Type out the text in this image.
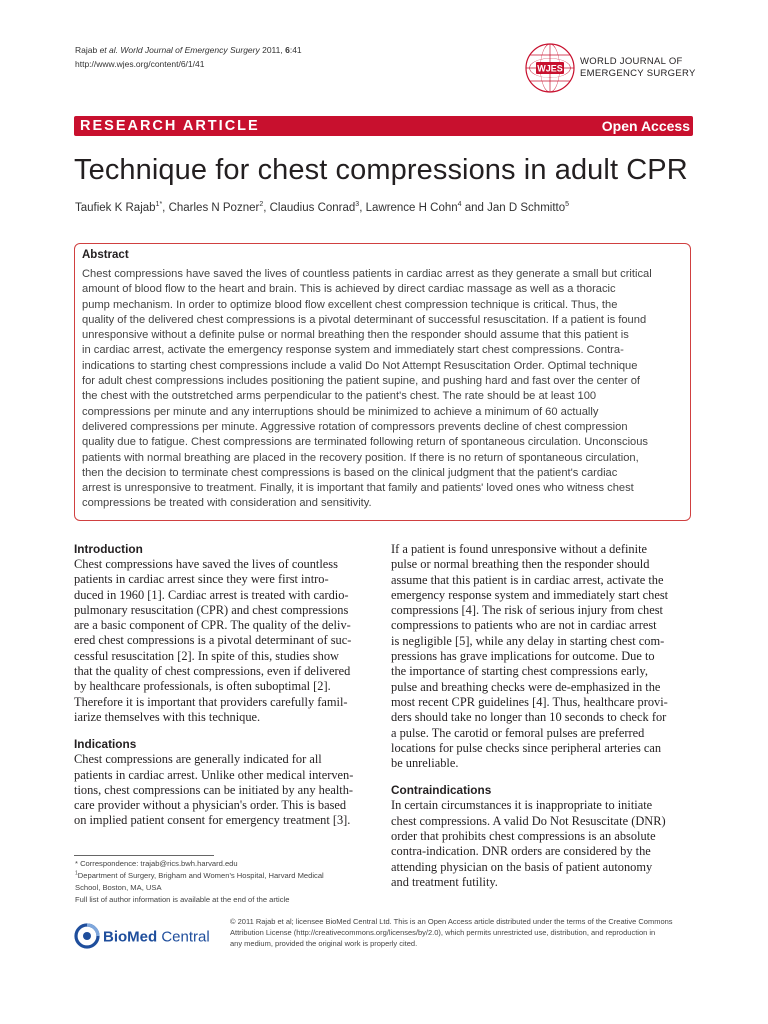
Rajab et al. World Journal of Emergency Surgery 2011, 6:41
http://www.wjes.org/content/6/1/41	WJES
WORLD JOURNAL OF
EMERGENCY SURGERY
RESEARCH ARTICLE	Open Access
Technique for chest compressions in adult CPR
Taufiek K Rajab$^{1*}$, Charles N Pozner$^2$, Claudius Conrad$^3$, Lawrence H Cohn$^4$ and Jan D Schmitto$^5$
Abstract
Chest compressions have saved the lives of countless patients in cardiac arrest as they generate a small but critical
amount of blood flow to the heart and brain. This is achieved by direct cardiac massage as well as a thoracic
pump mechanism. In order to optimize blood flow excellent chest compression technique is critical. Thus, the
quality of the delivered chest compressions is a pivotal determinant of successful resuscitation. If a patient is found
unresponsive without a definite pulse or normal breathing then the responder should assume that this patient is
in cardiac arrest, activate the emergency response system and immediately start chest compressions. Contra-
indications to starting chest compressions include a valid Do Not Attempt Resuscitation Order. Optimal technique
for adult chest compressions includes positioning the patient supine, and pushing hard and fast over the center of
the chest with the outstretched arms perpendicular to the patient's chest. The rate should be at least 100
compressions per minute and any interruptions should be minimized to achieve a minimum of 60 actually
delivered compressions per minute. Aggressive rotation of compressors prevents decline of chest compression
quality due to fatigue. Chest compressions are terminated following return of spontaneous circulation. Unconscious
patients with normal breathing are placed in the recovery position. If there is no return of spontaneous circulation,
then the decision to terminate chest compressions is based on the clinical judgment that the patient's cardiac
arrest is unresponsive to treatment. Finally, it is important that family and patients' loved ones who witness chest
compressions be treated with consideration and sensitivity.
Introduction
Chest compressions have saved the lives of countless
patients in cardiac arrest since they were first intro-
duced in 1960 [1]. Cardiac arrest is treated with cardio-
pulmonary resuscitation (CPR) and chest compressions
are a basic component of CPR. The quality of the deliv-
ered chest compressions is a pivotal determinant of suc-
cessful resuscitation [2]. In spite of this, studies show
that the quality of chest compressions, even if delivered
by healthcare professionals, is often suboptimal [2].
Therefore it is important that providers carefully famil-
iarize themselves with this technique.
Indications
Chest compressions are generally indicated for all
patients in cardiac arrest. Unlike other medical interven-
tions, chest compressions can be initiated by any health-
care provider without a physician's order. This is based
on implied patient consent for emergency treatment [3].
If a patient is found unresponsive without a definite
pulse or normal breathing then the responder should
assume that this patient is in cardiac arrest, activate the
emergency response system and immediately start chest
compressions [4]. The risk of serious injury from chest
compressions to patients who are not in cardiac arrest
is negligible [5], while any delay in starting chest com-
pressions has grave implications for outcome. Due to
the importance of starting chest compressions early,
pulse and breathing checks were de-emphasized in the
most recent CPR guidelines [4]. Thus, healthcare provi-
ders should take no longer than 10 seconds to check for
a pulse. The carotid or femoral pulses are preferred
locations for pulse checks since peripheral arteries can
be unreliable.
Contraindications
In certain circumstances it is inappropriate to initiate
chest compressions. A valid Do Not Resuscitate (DNR)
order that prohibits chest compressions is an absolute
contra-indication. DNR orders are considered by the
attending physician on the basis of patient autonomy
and treatment futility.
* Correspondence: trajab@rics.bwh.harvard.edu
$^1$Department of Surgery, Brigham and Women's Hospital, Harvard Medical
School, Boston, MA, USA
Full list of author information is available at the end of the article
BioMed Central
© 2011 Rajab et al; licensee BioMed Central Ltd. This is an Open Access article distributed under the terms of the Creative Commons
Attribution License (http://creativecommons.org/licenses/by/2.0), which permits unrestricted use, distribution, and reproduction in
any medium, provided the original work is properly cited.
